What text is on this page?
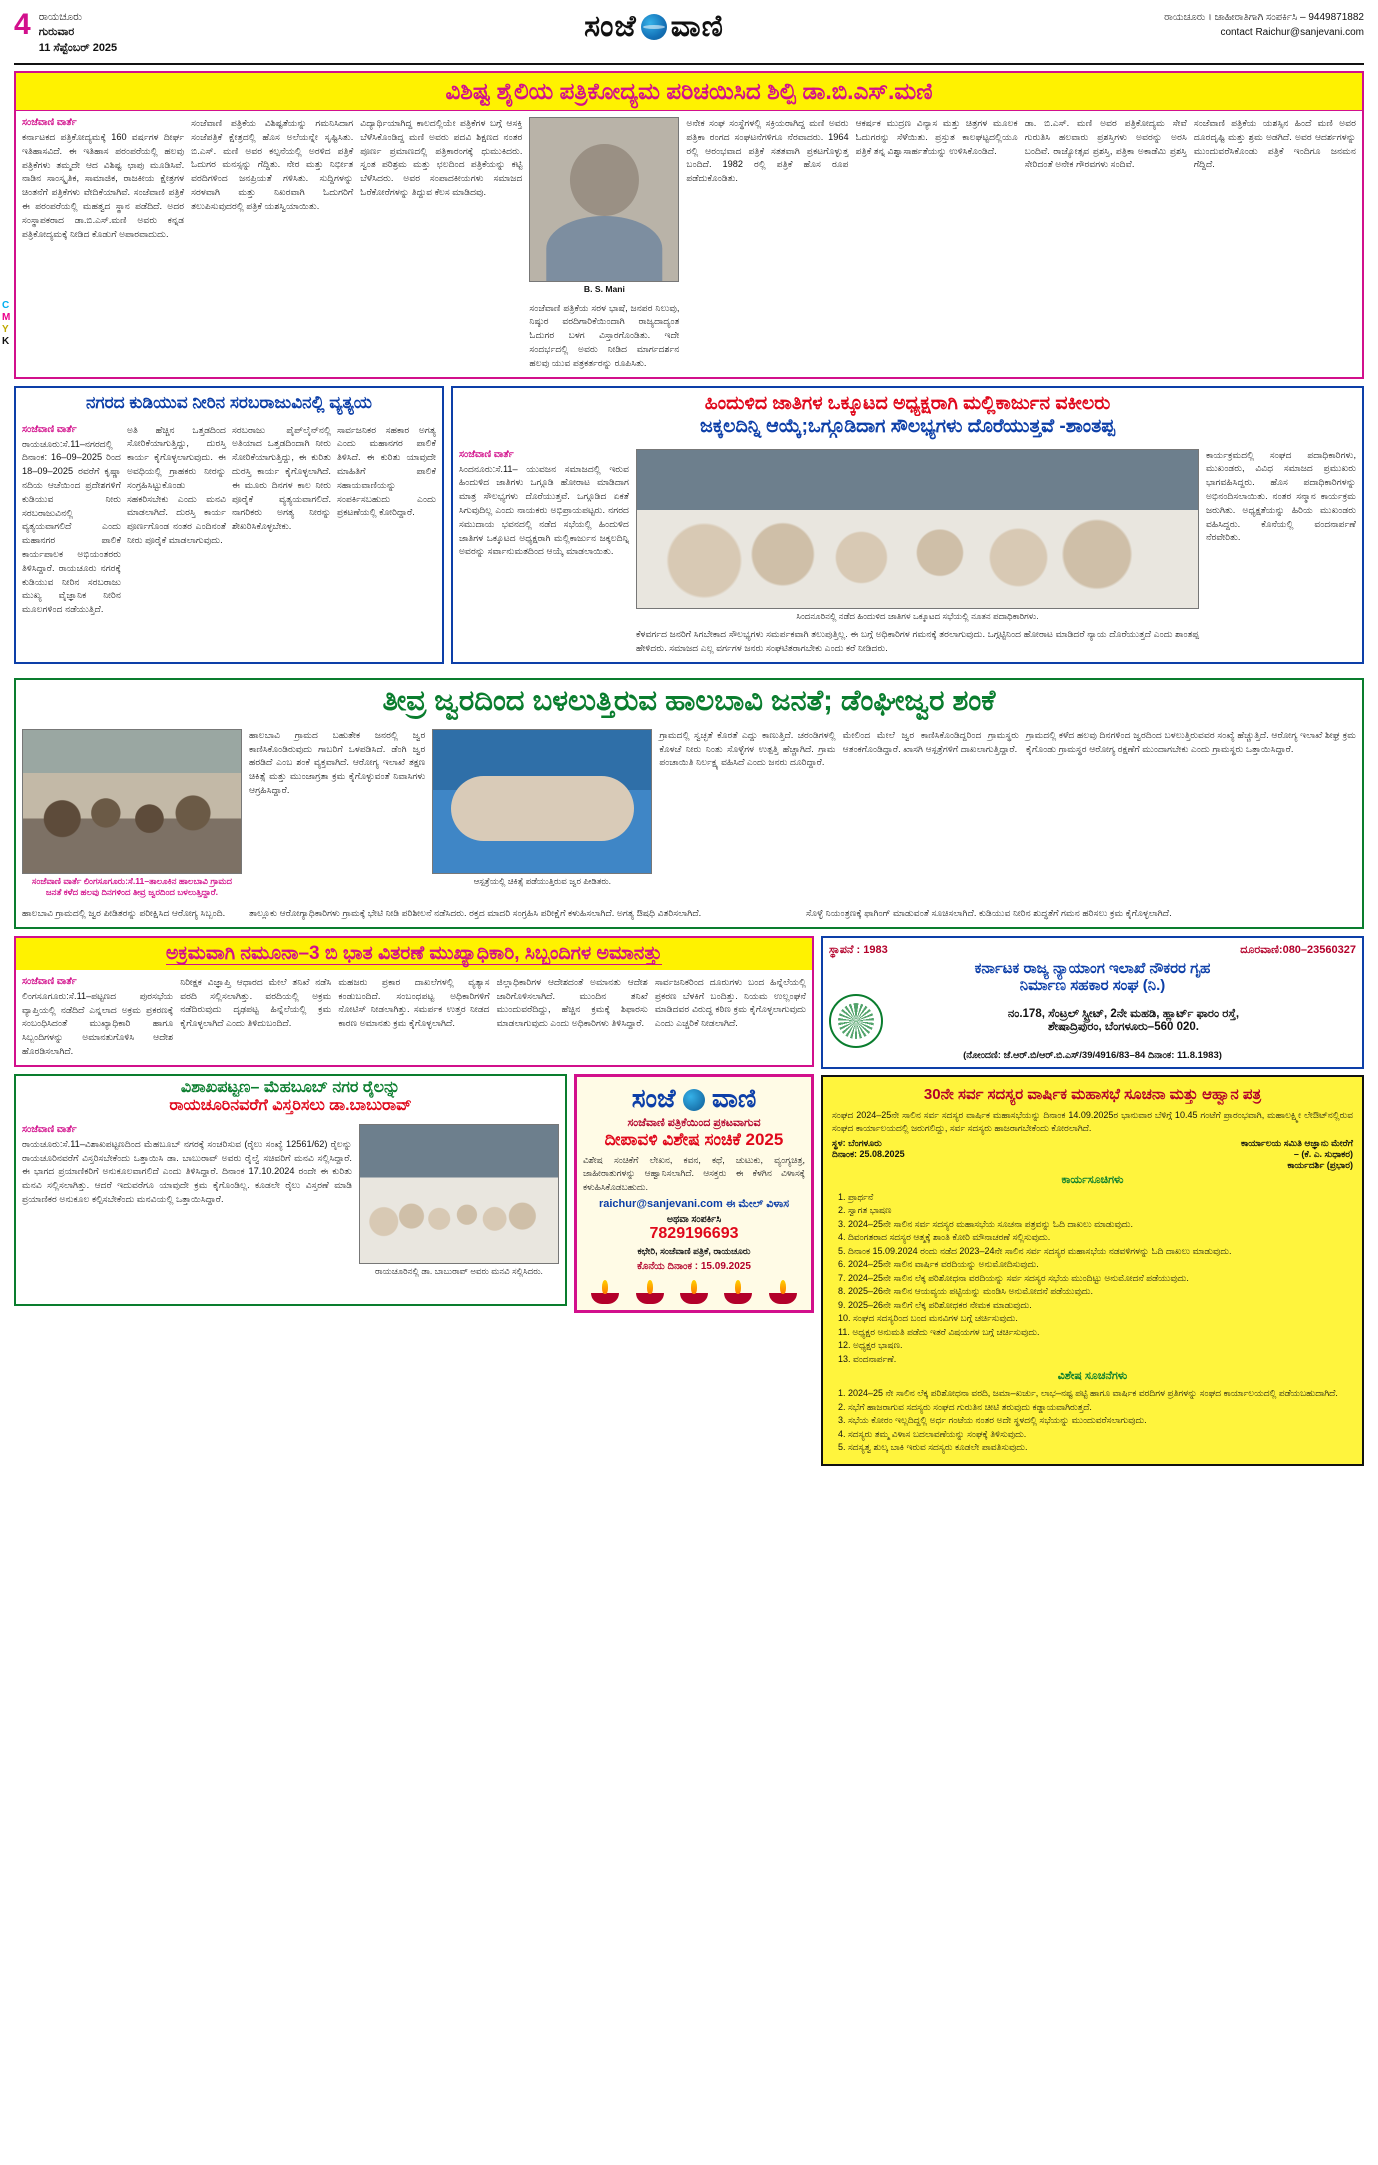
C
M
Y
K
4 ರಾಯಚೂರು
ಗುರುವಾರ
11 ಸೆಪ್ಟೆಂಬರ್ 2025
ಸಂಜೆ ವಾಣಿ	ರಾಯಚೂರು । ಜಾಹೀರಾತಿಗಾಗಿ ಸಂಪರ್ಕಿಸಿ – 9449871882
contact Raichur@sanjevani.com
ವಿಶಿಷ್ಟ ಶೈಲಿಯ ಪತ್ರಿಕೋದ್ಯಮ ಪರಿಚಯಿಸಿದ ಶಿಲ್ಪಿ ಡಾ.ಬಿ.ಎಸ್.ಮಣಿ
ಸಂಜೆವಾಣಿ ವಾರ್ತೆ
ಕರ್ನಾಟಕದ ಪತ್ರಿಕೋದ್ಯಮಕ್ಕೆ 160 ವರ್ಷಗಳ ದೀರ್ಘ ಇತಿಹಾಸವಿದೆ. ಈ ಇತಿಹಾಸ ಪರಂಪರೆಯಲ್ಲಿ ಹಲವು ಪತ್ರಿಕೆಗಳು ತಮ್ಮದೇ ಆದ ವಿಶಿಷ್ಟ ಛಾಪು ಮೂಡಿಸಿವೆ. ನಾಡಿನ ಸಾಂಸ್ಕೃತಿಕ, ಸಾಮಾಜಿಕ, ರಾಜಕೀಯ ಕ್ಷೇತ್ರಗಳ ಚಿಂತನೆಗೆ ಪತ್ರಿಕೆಗಳು ವೇದಿಕೆಯಾಗಿವೆ. ಸಂಜೆವಾಣಿ ಪತ್ರಿಕೆ ಈ ಪರಂಪರೆಯಲ್ಲಿ ಮಹತ್ವದ ಸ್ಥಾನ ಪಡೆದಿದೆ. ಅದರ ಸಂಸ್ಥಾಪಕರಾದ ಡಾ.ಬಿ.ಎಸ್.ಮಣಿ ಅವರು ಕನ್ನಡ ಪತ್ರಿಕೋದ್ಯಮಕ್ಕೆ ನೀಡಿದ ಕೊಡುಗೆ ಅಪಾರವಾದುದು.
ಸಂಜೆವಾಣಿ ಪತ್ರಿಕೆಯ ವಿಶಿಷ್ಟತೆಯನ್ನು ಗಮನಿಸಿದಾಗ ಸಂಜೆಪತ್ರಿಕೆ ಕ್ಷೇತ್ರದಲ್ಲಿ ಹೊಸ ಅಲೆಯನ್ನೇ ಸೃಷ್ಟಿಸಿತು. ಬಿ.ಎಸ್. ಮಣಿ ಅವರ ಕಲ್ಪನೆಯಲ್ಲಿ ಅರಳಿದ ಪತ್ರಿಕೆ ಓದುಗರ ಮನಸ್ಸನ್ನು ಗೆದ್ದಿತು. ನೇರ ಮತ್ತು ನಿರ್ಭೀತ ವರದಿಗಳಿಂದ ಜನಪ್ರಿಯತೆ ಗಳಿಸಿತು. ಸುದ್ದಿಗಳನ್ನು ಸರಳವಾಗಿ ಮತ್ತು ನಿಖರವಾಗಿ ಓದುಗರಿಗೆ ತಲುಪಿಸುವುದರಲ್ಲಿ ಪತ್ರಿಕೆ ಯಶಸ್ವಿಯಾಯಿತು.
ವಿದ್ಯಾರ್ಥಿಯಾಗಿದ್ದ ಕಾಲದಲ್ಲಿಯೇ ಪತ್ರಿಕೆಗಳ ಬಗ್ಗೆ ಆಸಕ್ತಿ ಬೆಳೆಸಿಕೊಂಡಿದ್ದ ಮಣಿ ಅವರು ಪದವಿ ಶಿಕ್ಷಣದ ನಂತರ ಪೂರ್ಣ ಪ್ರಮಾಣದಲ್ಲಿ ಪತ್ರಿಕಾರಂಗಕ್ಕೆ ಧುಮುಕಿದರು. ಸ್ವಂತ ಪರಿಶ್ರಮ ಮತ್ತು ಛಲದಿಂದ ಪತ್ರಿಕೆಯನ್ನು ಕಟ್ಟಿ ಬೆಳೆಸಿದರು. ಅವರ ಸಂಪಾದಕೀಯಗಳು ಸಮಾಜದ ಓರೆಕೋರೆಗಳನ್ನು ತಿದ್ದುವ ಕೆಲಸ ಮಾಡಿದವು.
B. S. Mani
ಸಂಜೆವಾಣಿ ಪತ್ರಿಕೆಯ ಸರಳ ಭಾಷೆ, ಜನಪರ ನಿಲುವು, ನಿಷ್ಠುರ ವರದಿಗಾರಿಕೆಯಿಂದಾಗಿ ರಾಜ್ಯದಾದ್ಯಂತ ಓದುಗರ ಬಳಗ ವಿಸ್ತಾರಗೊಂಡಿತು. ಇದೇ ಸಂದರ್ಭದಲ್ಲಿ ಅವರು ನೀಡಿದ ಮಾರ್ಗದರ್ಶನ ಹಲವು ಯುವ ಪತ್ರಕರ್ತರನ್ನು ರೂಪಿಸಿತು.
ಅನೇಕ ಸಂಘ ಸಂಸ್ಥೆಗಳಲ್ಲಿ ಸಕ್ರಿಯರಾಗಿದ್ದ ಮಣಿ ಅವರು ಪತ್ರಿಕಾ ರಂಗದ ಸಂಘಟನೆಗಳಿಗೂ ನೆರವಾದರು. 1964 ರಲ್ಲಿ ಆರಂಭವಾದ ಪತ್ರಿಕೆ ಸತತವಾಗಿ ಪ್ರಕಟಗೊಳ್ಳುತ್ತ ಬಂದಿದೆ. 1982 ರಲ್ಲಿ ಪತ್ರಿಕೆ ಹೊಸ ರೂಪ ಪಡೆದುಕೊಂಡಿತು.
ಆಕರ್ಷಕ ಮುದ್ರಣ ವಿನ್ಯಾಸ ಮತ್ತು ಚಿತ್ರಗಳ ಮೂಲಕ ಓದುಗರನ್ನು ಸೆಳೆಯಿತು. ಪ್ರಸ್ತುತ ಕಾಲಘಟ್ಟದಲ್ಲಿಯೂ ಪತ್ರಿಕೆ ತನ್ನ ವಿಶ್ವಾಸಾರ್ಹತೆಯನ್ನು ಉಳಿಸಿಕೊಂಡಿದೆ.
ಡಾ. ಬಿ.ಎಸ್. ಮಣಿ ಅವರ ಪತ್ರಿಕೋದ್ಯಮ ಸೇವೆ ಗುರುತಿಸಿ ಹಲವಾರು ಪ್ರಶಸ್ತಿಗಳು ಅವರನ್ನು ಅರಸಿ ಬಂದಿವೆ. ರಾಜ್ಯೋತ್ಸವ ಪ್ರಶಸ್ತಿ, ಪತ್ರಿಕಾ ಅಕಾಡೆಮಿ ಪ್ರಶಸ್ತಿ ಸೇರಿದಂತೆ ಅನೇಕ ಗೌರವಗಳು ಸಂದಿವೆ.
ಸಂಜೆವಾಣಿ ಪತ್ರಿಕೆಯ ಯಶಸ್ಸಿನ ಹಿಂದೆ ಮಣಿ ಅವರ ದೂರದೃಷ್ಟಿ ಮತ್ತು ಶ್ರಮ ಅಡಗಿದೆ. ಅವರ ಆದರ್ಶಗಳನ್ನು ಮುಂದುವರೆಸಿಕೊಂಡು ಪತ್ರಿಕೆ ಇಂದಿಗೂ ಜನಮನ ಗೆದ್ದಿದೆ.
ನಗರದ ಕುಡಿಯುವ ನೀರಿನ ಸರಬರಾಜುವಿನಲ್ಲಿ ವ್ಯತ್ಯಯ
ಸಂಜೆವಾಣಿ ವಾರ್ತೆ
ರಾಯಚೂರು:ಸೆ.11–ನಗರದಲ್ಲಿ ದಿನಾಂಕ: 16–09–2025 ರಿಂದ 18–09–2025 ರವರೆಗೆ ಕೃಷ್ಣಾ ನದಿಯ ಆಚೆಯಿಂದ ಪ್ರದೇಶಗಳಿಗೆ ಕುಡಿಯುವ ನೀರು ಸರಬರಾಜುವಿನಲ್ಲಿ ವ್ಯತ್ಯಯವಾಗಲಿದೆ ಎಂದು ಮಹಾನಗರ ಪಾಲಿಕೆ ಕಾರ್ಯಪಾಲಕ ಅಭಿಯಂತರರು ತಿಳಿಸಿದ್ದಾರೆ. ರಾಯಚೂರು ನಗರಕ್ಕೆ ಕುಡಿಯುವ ನೀರಿನ ಸರಬರಾಜು ಮುಖ್ಯ ವೈಜ್ಞಾನಿಕ ನೀರಿನ ಮೂಲಗಳಿಂದ ನಡೆಯುತ್ತಿದೆ.
ಅತಿ ಹೆಚ್ಚಿನ ಒತ್ತಡದಿಂದ ಸೋರಿಕೆಯಾಗುತ್ತಿದ್ದು, ದುರಸ್ತಿ ಕಾರ್ಯ ಕೈಗೊಳ್ಳಲಾಗುವುದು. ಈ ಅವಧಿಯಲ್ಲಿ ಗ್ರಾಹಕರು ನೀರನ್ನು ಸಂಗ್ರಹಿಸಿಟ್ಟುಕೊಂಡು ಸಹಕರಿಸಬೇಕು ಎಂದು ಮನವಿ ಮಾಡಲಾಗಿದೆ. ದುರಸ್ತಿ ಕಾರ್ಯ ಪೂರ್ಣಗೊಂಡ ನಂತರ ಎಂದಿನಂತೆ ನೀರು ಪೂರೈಕೆ ಮಾಡಲಾಗುವುದು.
ಸರಬರಾಜು ಪೈಪ್‌ಲೈನ್‌ನಲ್ಲಿ ಅತಿಯಾದ ಒತ್ತಡದಿಂದಾಗಿ ನೀರು ಸೋರಿಕೆಯಾಗುತ್ತಿದ್ದು, ಈ ಕುರಿತು ದುರಸ್ತಿ ಕಾರ್ಯ ಕೈಗೊಳ್ಳಲಾಗಿದೆ. ಈ ಮೂರು ದಿನಗಳ ಕಾಲ ನೀರು ಪೂರೈಕೆ ವ್ಯತ್ಯಯವಾಗಲಿದೆ. ನಾಗರಿಕರು ಅಗತ್ಯ ನೀರನ್ನು ಶೇಖರಿಸಿಕೊಳ್ಳಬೇಕು.
ಸಾರ್ವಜನಿಕರ ಸಹಕಾರ ಅಗತ್ಯ ಎಂದು ಮಹಾನಗರ ಪಾಲಿಕೆ ತಿಳಿಸಿದೆ. ಈ ಕುರಿತು ಯಾವುದೇ ಮಾಹಿತಿಗೆ ಪಾಲಿಕೆ ಸಹಾಯವಾಣಿಯನ್ನು ಸಂಪರ್ಕಿಸಬಹುದು ಎಂದು ಪ್ರಕಟಣೆಯಲ್ಲಿ ಕೋರಿದ್ದಾರೆ.
ಹಿಂದುಳಿದ ಜಾತಿಗಳ ಒಕ್ಕೂಟದ ಅಧ್ಯಕ್ಷರಾಗಿ ಮಲ್ಲಿಕಾರ್ಜುನ ವಕೀಲರು
ಜಕ್ಕಲದಿನ್ನಿ ಆಯ್ಕೆ;ಒಗ್ಗೂಡಿದಾಗ ಸೌಲಭ್ಯಗಳು ದೊರೆಯುತ್ತವೆ -ಶಾಂತಪ್ಪ
ಸಂಜೆವಾಣಿ ವಾರ್ತೆ
ಸಿಂದನೂರು:ಸೆ.11– ಯುವಜನ ಸಮಾಜದಲ್ಲಿ ಇರುವ ಹಿಂದುಳಿದ ಜಾತಿಗಳು ಒಗ್ಗೂಡಿ ಹೋರಾಟ ಮಾಡಿದಾಗ ಮಾತ್ರ ಸೌಲಭ್ಯಗಳು ದೊರೆಯುತ್ತವೆ. ಒಗ್ಗೂಡಿದ ಏಕತೆ ಸಿಗುವುದಿಲ್ಲ ಎಂದು ನಾಯಕರು ಅಭಿಪ್ರಾಯಪಟ್ಟರು. ನಗರದ ಸಮುದಾಯ ಭವನದಲ್ಲಿ ನಡೆದ ಸಭೆಯಲ್ಲಿ ಹಿಂದುಳಿದ ಜಾತಿಗಳ ಒಕ್ಕೂಟದ ಅಧ್ಯಕ್ಷರಾಗಿ ಮಲ್ಲಿಕಾರ್ಜುನ ಜಕ್ಕಲದಿನ್ನಿ ಅವರನ್ನು ಸರ್ವಾನುಮತದಿಂದ ಆಯ್ಕೆ ಮಾಡಲಾಯಿತು.
ಸಿಂದನೂರಿನಲ್ಲಿ ನಡೆದ ಹಿಂದುಳಿದ ಜಾತಿಗಳ ಒಕ್ಕೂಟದ ಸಭೆಯಲ್ಲಿ ನೂತನ ಪದಾಧಿಕಾರಿಗಳು.
ಕೆಳವರ್ಗದ ಜನರಿಗೆ ಸಿಗಬೇಕಾದ ಸೌಲಭ್ಯಗಳು ಸಮರ್ಪಕವಾಗಿ ತಲುಪುತ್ತಿಲ್ಲ. ಈ ಬಗ್ಗೆ ಅಧಿಕಾರಿಗಳ ಗಮನಕ್ಕೆ ತರಲಾಗುವುದು. ಒಗ್ಗಟ್ಟಿನಿಂದ ಹೋರಾಟ ಮಾಡಿದರೆ ನ್ಯಾಯ ದೊರೆಯುತ್ತದೆ ಎಂದು ಶಾಂತಪ್ಪ ಹೇಳಿದರು. ಸಮಾಜದ ಎಲ್ಲ ವರ್ಗಗಳ ಜನರು ಸಂಘಟಿತರಾಗಬೇಕು ಎಂದು ಕರೆ ನೀಡಿದರು.
ಕಾರ್ಯಕ್ರಮದಲ್ಲಿ ಸಂಘದ ಪದಾಧಿಕಾರಿಗಳು, ಮುಖಂಡರು, ವಿವಿಧ ಸಮಾಜದ ಪ್ರಮುಖರು ಭಾಗವಹಿಸಿದ್ದರು. ಹೊಸ ಪದಾಧಿಕಾರಿಗಳನ್ನು ಅಭಿನಂದಿಸಲಾಯಿತು. ನಂತರ ಸನ್ಮಾನ ಕಾರ್ಯಕ್ರಮ ಜರುಗಿತು. ಅಧ್ಯಕ್ಷತೆಯನ್ನು ಹಿರಿಯ ಮುಖಂಡರು ವಹಿಸಿದ್ದರು. ಕೊನೆಯಲ್ಲಿ ವಂದನಾರ್ಪಣೆ ನೆರವೇರಿತು.
ತೀವ್ರ ಜ್ವರದಿಂದ ಬಳಲುತ್ತಿರುವ ಹಾಲಬಾವಿ ಜನತೆ; ಡೆಂಘೀಜ್ವರ ಶಂಕೆ
ಸಂಜೆವಾಣಿ ವಾರ್ತೆ ಲಿಂಗಸೂಗೂರು:ಸೆ.11–ತಾಲೂಕಿನ ಹಾಲಬಾವಿ ಗ್ರಾಮದ ಜನತೆ ಕಳೆದ ಹಲವು ದಿನಗಳಿಂದ ತೀವ್ರ ಜ್ವರದಿಂದ ಬಳಲುತ್ತಿದ್ದಾರೆ.
ಹಾಲಬಾವಿ ಗ್ರಾಮದ ಬಹುತೇಕ ಜನರಲ್ಲಿ ಜ್ವರ ಕಾಣಿಸಿಕೊಂಡಿರುವುದು ಗಾಬರಿಗೆ ಒಳಪಡಿಸಿದೆ. ಡೆಂಗಿ ಜ್ವರ ಹರಡಿದೆ ಎಂಬ ಶಂಕೆ ವ್ಯಕ್ತವಾಗಿದೆ. ಆರೋಗ್ಯ ಇಲಾಖೆ ತಕ್ಷಣ ಚಿಕಿತ್ಸೆ ಮತ್ತು ಮುಂಜಾಗ್ರತಾ ಕ್ರಮ ಕೈಗೊಳ್ಳುವಂತೆ ನಿವಾಸಿಗಳು ಆಗ್ರಹಿಸಿದ್ದಾರೆ.
ಆಸ್ಪತ್ರೆಯಲ್ಲಿ ಚಿಕಿತ್ಸೆ ಪಡೆಯುತ್ತಿರುವ ಜ್ವರ ಪೀಡಿತರು.
ಗ್ರಾಮದಲ್ಲಿ ಸ್ವಚ್ಛತೆ ಕೊರತೆ ಎದ್ದು ಕಾಣುತ್ತಿದೆ. ಚರಂಡಿಗಳಲ್ಲಿ ಕೊಳಚೆ ನೀರು ನಿಂತು ಸೊಳ್ಳೆಗಳ ಉತ್ಪತ್ತಿ ಹೆಚ್ಚಾಗಿದೆ. ಗ್ರಾಮ ಪಂಚಾಯಿತಿ ನಿರ್ಲಕ್ಷ್ಯ ವಹಿಸಿದೆ ಎಂದು ಜನರು ದೂರಿದ್ದಾರೆ.
ಮೇಲಿಂದ ಮೇಲೆ ಜ್ವರ ಕಾಣಿಸಿಕೊಂಡಿದ್ದರಿಂದ ಗ್ರಾಮಸ್ಥರು ಆತಂಕಗೊಂಡಿದ್ದಾರೆ. ಖಾಸಗಿ ಆಸ್ಪತ್ರೆಗಳಿಗೆ ದಾಖಲಾಗುತ್ತಿದ್ದಾರೆ.
ಗ್ರಾಮದಲ್ಲಿ ಕಳೆದ ಹಲವು ದಿನಗಳಿಂದ ಜ್ವರದಿಂದ ಬಳಲುತ್ತಿರುವವರ ಸಂಖ್ಯೆ ಹೆಚ್ಚುತ್ತಿದೆ. ಆರೋಗ್ಯ ಇಲಾಖೆ ಶೀಘ್ರ ಕ್ರಮ ಕೈಗೊಂಡು ಗ್ರಾಮಸ್ಥರ ಆರೋಗ್ಯ ರಕ್ಷಣೆಗೆ ಮುಂದಾಗಬೇಕು ಎಂದು ಗ್ರಾಮಸ್ಥರು ಒತ್ತಾಯಿಸಿದ್ದಾರೆ.
ಹಾಲಬಾವಿ ಗ್ರಾಮದಲ್ಲಿ ಜ್ವರ ಪೀಡಿತರನ್ನು ಪರೀಕ್ಷಿಸಿದ ಆರೋಗ್ಯ ಸಿಬ್ಬಂದಿ.	ತಾಲ್ಲೂಕು ಆರೋಗ್ಯಾಧಿಕಾರಿಗಳು ಗ್ರಾಮಕ್ಕೆ ಭೇಟಿ ನೀಡಿ ಪರಿಶೀಲನೆ ನಡೆಸಿದರು. ರಕ್ತದ ಮಾದರಿ ಸಂಗ್ರಹಿಸಿ ಪರೀಕ್ಷೆಗೆ ಕಳುಹಿಸಲಾಗಿದೆ. ಅಗತ್ಯ ಔಷಧಿ ವಿತರಿಸಲಾಗಿದೆ.	ಸೊಳ್ಳೆ ನಿಯಂತ್ರಣಕ್ಕೆ ಫಾಗಿಂಗ್ ಮಾಡುವಂತೆ ಸೂಚಿಸಲಾಗಿದೆ. ಕುಡಿಯುವ ನೀರಿನ ಶುದ್ಧತೆಗೆ ಗಮನ ಹರಿಸಲು ಕ್ರಮ ಕೈಗೊಳ್ಳಲಾಗಿದೆ.
ಅಕ್ರಮವಾಗಿ ನಮೂನಾ–3 ಬಿ ಭಾತ ವಿತರಣೆ ಮುಖ್ಯಾಧಿಕಾರಿ, ಸಿಬ್ಬಂದಿಗಳ ಅಮಾನತ್ತು
ಸಂಜೆವಾಣಿ ವಾರ್ತೆ
ಲಿಂಗಸೂಗೂರು:ಸೆ.11–ಪಟ್ಟಣದ ಪುರಸಭೆಯ ವ್ಯಾಪ್ತಿಯಲ್ಲಿ ನಡೆದಿದೆ ಎನ್ನಲಾದ ಅಕ್ರಮ ಪ್ರಕರಣಕ್ಕೆ ಸಂಬಂಧಿಸಿದಂತೆ ಮುಖ್ಯಾಧಿಕಾರಿ ಹಾಗೂ ಸಿಬ್ಬಂದಿಗಳನ್ನು ಅಮಾನತುಗೊಳಿಸಿ ಆದೇಶ ಹೊರಡಿಸಲಾಗಿದೆ.
ನಿರೀಕ್ಷಕ ವಿಜ್ಞಾಪ್ತಿ ಆಧಾರದ ಮೇಲೆ ತನಿಖೆ ನಡೆಸಿ ವರದಿ ಸಲ್ಲಿಸಲಾಗಿತ್ತು. ವರದಿಯಲ್ಲಿ ಅಕ್ರಮ ನಡೆದಿರುವುದು ದೃಢಪಟ್ಟ ಹಿನ್ನೆಲೆಯಲ್ಲಿ ಕ್ರಮ ಕೈಗೊಳ್ಳಲಾಗಿದೆ ಎಂದು ತಿಳಿದುಬಂದಿದೆ.
ಮಹಜರು ಪ್ರಕಾರ ದಾಖಲೆಗಳಲ್ಲಿ ವ್ಯತ್ಯಾಸ ಕಂಡುಬಂದಿದೆ. ಸಂಬಂಧಪಟ್ಟ ಅಧಿಕಾರಿಗಳಿಗೆ ನೋಟಿಸ್ ನೀಡಲಾಗಿತ್ತು. ಸಮರ್ಪಕ ಉತ್ತರ ನೀಡದ ಕಾರಣ ಅಮಾನತು ಕ್ರಮ ಕೈಗೊಳ್ಳಲಾಗಿದೆ.
ಜಿಲ್ಲಾಧಿಕಾರಿಗಳ ಆದೇಶದಂತೆ ಅಮಾನತು ಆದೇಶ ಜಾರಿಗೊಳಿಸಲಾಗಿದೆ. ಮುಂದಿನ ತನಿಖೆ ಮುಂದುವರೆದಿದ್ದು, ಹೆಚ್ಚಿನ ಕ್ರಮಕ್ಕೆ ಶಿಫಾರಸು ಮಾಡಲಾಗುವುದು ಎಂದು ಅಧಿಕಾರಿಗಳು ತಿಳಿಸಿದ್ದಾರೆ.
ಸಾರ್ವಜನಿಕರಿಂದ ದೂರುಗಳು ಬಂದ ಹಿನ್ನೆಲೆಯಲ್ಲಿ ಪ್ರಕರಣ ಬೆಳಕಿಗೆ ಬಂದಿತ್ತು. ನಿಯಮ ಉಲ್ಲಂಘನೆ ಮಾಡಿದವರ ವಿರುದ್ಧ ಕಠಿಣ ಕ್ರಮ ಕೈಗೊಳ್ಳಲಾಗುವುದು ಎಂದು ಎಚ್ಚರಿಕೆ ನೀಡಲಾಗಿದೆ.
ವಿಶಾಖಪಟ್ಟಣ– ಮೆಹಬೂಬ್ ನಗರ ರೈಲನ್ನು
ರಾಯಚೂರಿನವರೆಗೆ ವಿಸ್ತರಿಸಲು ಡಾ.ಬಾಬುರಾವ್
ಸಂಜೆವಾಣಿ ವಾರ್ತೆ
ರಾಯಚೂರು:ಸೆ.11–ವಿಶಾಖಪಟ್ಟಣದಿಂದ ಮೆಹಬೂಬ್ ನಗರಕ್ಕೆ ಸಂಚರಿಸುವ (ರೈಲು ಸಂಖ್ಯೆ 12561/62) ರೈಲನ್ನು ರಾಯಚೂರಿನವರೆಗೆ ವಿಸ್ತರಿಸಬೇಕೆಂದು ಒತ್ತಾಯಿಸಿ ಡಾ. ಬಾಬುರಾವ್ ಅವರು ರೈಲ್ವೆ ಸಚಿವರಿಗೆ ಮನವಿ ಸಲ್ಲಿಸಿದ್ದಾರೆ. ಈ ಭಾಗದ ಪ್ರಯಾಣಿಕರಿಗೆ ಅನುಕೂಲವಾಗಲಿದೆ ಎಂದು ತಿಳಿಸಿದ್ದಾರೆ. ದಿನಾಂಕ 17.10.2024 ರಂದೇ ಈ ಕುರಿತು ಮನವಿ ಸಲ್ಲಿಸಲಾಗಿತ್ತು. ಆದರೆ ಇದುವರೆಗೂ ಯಾವುದೇ ಕ್ರಮ ಕೈಗೊಂಡಿಲ್ಲ. ಕೂಡಲೇ ರೈಲು ವಿಸ್ತರಣೆ ಮಾಡಿ ಪ್ರಯಾಣಿಕರ ಅನುಕೂಲ ಕಲ್ಪಿಸಬೇಕೆಂದು ಮನವಿಯಲ್ಲಿ ಒತ್ತಾಯಿಸಿದ್ದಾರೆ.
ರಾಯಚೂರಿನಲ್ಲಿ ಡಾ. ಬಾಬುರಾವ್ ಅವರು ಮನವಿ ಸಲ್ಲಿಸಿದರು.
ಸಂಜೆ ವಾಣಿ
ಸಂಜೆವಾಣಿ ಪತ್ರಿಕೆಯಿಂದ ಪ್ರಕಟವಾಗುವ
ದೀಪಾವಳಿ ವಿಶೇಷ ಸಂಚಿಕೆ 2025
ವಿಶೇಷ ಸಂಚಿಕೆಗೆ ಲೇಖನ, ಕವನ, ಕಥೆ, ಚುಟುಕು, ವ್ಯಂಗ್ಯಚಿತ್ರ, ಜಾಹೀರಾತುಗಳನ್ನು ಆಹ್ವಾನಿಸಲಾಗಿದೆ. ಆಸಕ್ತರು ಈ ಕೆಳಗಿನ ವಿಳಾಸಕ್ಕೆ ಕಳುಹಿಸಿಕೊಡಬಹುದು.
raichur@sanjevani.com ಈ ಮೇಲ್ ವಿಳಾಸ
ಅಥವಾ ಸಂಪರ್ಕಿಸಿ
7829196693
ಕಛೇರಿ, ಸಂಜೆವಾಣಿ ಪತ್ರಿಕೆ, ರಾಯಚೂರು
ಕೊನೆಯ ದಿನಾಂಕ : 15.09.2025
ಸ್ಥಾಪನೆ : 1983	ದೂರವಾಣಿ:080–23560327
ಕರ್ನಾಟಕ ರಾಜ್ಯ ನ್ಯಾಯಾಂಗ ಇಲಾಖೆ ನೌಕರರ ಗೃಹ
ನಿರ್ಮಾಣ ಸಹಕಾರ ಸಂಘ (ನಿ.)
ನಂ.178, ಸೆಂಟ್ರಲ್ ಸ್ಟ್ರೀಟ್, 2ನೇ ಮಹಡಿ, ಹ್ಲಾರ್ಟ್ ಫಾರಂ ರಸ್ತೆ,
ಶೇಷಾದ್ರಿಪುರಂ, ಬೆಂಗಳೂರು–560 020.
(ನೋಂದಣಿ: ಜೆ.ಆರ್.ಬಿ/ಆರ್.ಬಿ.ಎಸ್/39/4916/83–84 ದಿನಾಂಕ: 11.8.1983)
30ನೇ ಸರ್ವ ಸದಸ್ಯರ ವಾರ್ಷಿಕ ಮಹಾಸಭೆ ಸೂಚನಾ ಮತ್ತು ಆಹ್ವಾನ ಪತ್ರ
ಸಂಘದ 2024–25ನೇ ಸಾಲಿನ ಸರ್ವ ಸದಸ್ಯರ ವಾರ್ಷಿಕ ಮಹಾಸಭೆಯನ್ನು ದಿನಾಂಕ 14.09.2025ರ ಭಾನುವಾರ ಬೆಳಿಗ್ಗೆ 10.45 ಗಂಟೆಗೆ ಪ್ರಾರಂಭವಾಗಿ, ಮಹಾಲಕ್ಷ್ಮೀ ಲೇಔಟ್‌ನಲ್ಲಿರುವ ಸಂಘದ ಕಾರ್ಯಾಲಯದಲ್ಲಿ ಜರುಗಲಿದ್ದು, ಸರ್ವ ಸದಸ್ಯರು ಹಾಜರಾಗಬೇಕೆಂದು ಕೋರಲಾಗಿದೆ.
ಸ್ಥಳ: ಬೆಂಗಳೂರು
ದಿನಾಂಕ: 25.08.2025
ಕಾರ್ಯಾಲಯ ಸಮಿತಿ ಆಜ್ಞಾನು ಮೇರೆಗೆ
– (ಕೆ. ಎ. ಸುಧಾಕರ)
ಕಾರ್ಯದರ್ಶಿ (ಪ್ರಭಾರ)
ಕಾರ್ಯಸೂಚಿಗಳು
1. ಪ್ರಾರ್ಥನೆ
2. ಸ್ವಾಗತ ಭಾಷಣ
3. 2024–25ನೇ ಸಾಲಿನ ಸರ್ವ ಸದಸ್ಯರ ಮಹಾಸಭೆಯ ಸೂಚನಾ ಪತ್ರವನ್ನು ಓದಿ ದಾಖಲು ಮಾಡುವುದು.
4. ದಿವಂಗತರಾದ ಸದಸ್ಯರ ಆತ್ಮಕ್ಕೆ ಶಾಂತಿ ಕೋರಿ ಮೌನಾಚರಣೆ ಸಲ್ಲಿಸುವುದು.
5. ದಿನಾಂಕ 15.09.2024 ರಂದು ನಡೆದ 2023–24ನೇ ಸಾಲಿನ ಸರ್ವ ಸದಸ್ಯರ ಮಹಾಸಭೆಯ ನಡವಳಿಗಳನ್ನು ಓದಿ ದಾಖಲು ಮಾಡುವುದು.
6. 2024–25ನೇ ಸಾಲಿನ ವಾರ್ಷಿಕ ವರದಿಯನ್ನು ಅನುಮೋದಿಸುವುದು.
7. 2024–25ನೇ ಸಾಲಿನ ಲೆಕ್ಕ ಪರಿಶೋಧನಾ ವರದಿಯನ್ನು ಸರ್ವ ಸದಸ್ಯರ ಸಭೆಯ ಮುಂದಿಟ್ಟು ಅನುಮೋದನೆ ಪಡೆಯುವುದು.
8. 2025–26ನೇ ಸಾಲಿನ ಆಯವ್ಯಯ ಪಟ್ಟಿಯನ್ನು ಮಂಡಿಸಿ ಅನುಮೋದನೆ ಪಡೆಯುವುದು.
9. 2025–26ನೇ ಸಾಲಿಗೆ ಲೆಕ್ಕ ಪರಿಶೋಧಕರ ನೇಮಕ ಮಾಡುವುದು.
10. ಸಂಘದ ಸದಸ್ಯರಿಂದ ಬಂದ ಮನವಿಗಳ ಬಗ್ಗೆ ಚರ್ಚಿಸುವುದು.
11. ಅಧ್ಯಕ್ಷರ ಅನುಮತಿ ಪಡೆದು ಇತರೆ ವಿಷಯಗಳ ಬಗ್ಗೆ ಚರ್ಚಿಸುವುದು.
12. ಅಧ್ಯಕ್ಷರ ಭಾಷಣ.
13. ವಂದನಾರ್ಪಣೆ.
ವಿಶೇಷ ಸೂಚನೆಗಳು
1. 2024–25 ನೇ ಸಾಲಿನ ಲೆಕ್ಕ ಪರಿಶೋಧನಾ ವರದಿ, ಜಮಾ–ಖರ್ಚು, ಲಾಭ–ನಷ್ಟ ಪಟ್ಟಿ ಹಾಗೂ ವಾರ್ಷಿಕ ವರದಿಗಳ ಪ್ರತಿಗಳನ್ನು ಸಂಘದ ಕಾರ್ಯಾಲಯದಲ್ಲಿ ಪಡೆಯಬಹುದಾಗಿದೆ.
2. ಸಭೆಗೆ ಹಾಜರಾಗುವ ಸದಸ್ಯರು ಸಂಘದ ಗುರುತಿನ ಚೀಟಿ ತರುವುದು ಕಡ್ಡಾಯವಾಗಿರುತ್ತದೆ.
3. ಸಭೆಯ ಕೋರಂ ಇಲ್ಲದಿದ್ದಲ್ಲಿ ಅರ್ಧ ಗಂಟೆಯ ನಂತರ ಅದೇ ಸ್ಥಳದಲ್ಲಿ ಸಭೆಯನ್ನು ಮುಂದುವರೆಸಲಾಗುವುದು.
4. ಸದಸ್ಯರು ತಮ್ಮ ವಿಳಾಸ ಬದಲಾವಣೆಯನ್ನು ಸಂಘಕ್ಕೆ ತಿಳಿಸುವುದು.
5. ಸದಸ್ಯತ್ವ ಶುಲ್ಕ ಬಾಕಿ ಇರುವ ಸದಸ್ಯರು ಕೂಡಲೇ ಪಾವತಿಸುವುದು.
